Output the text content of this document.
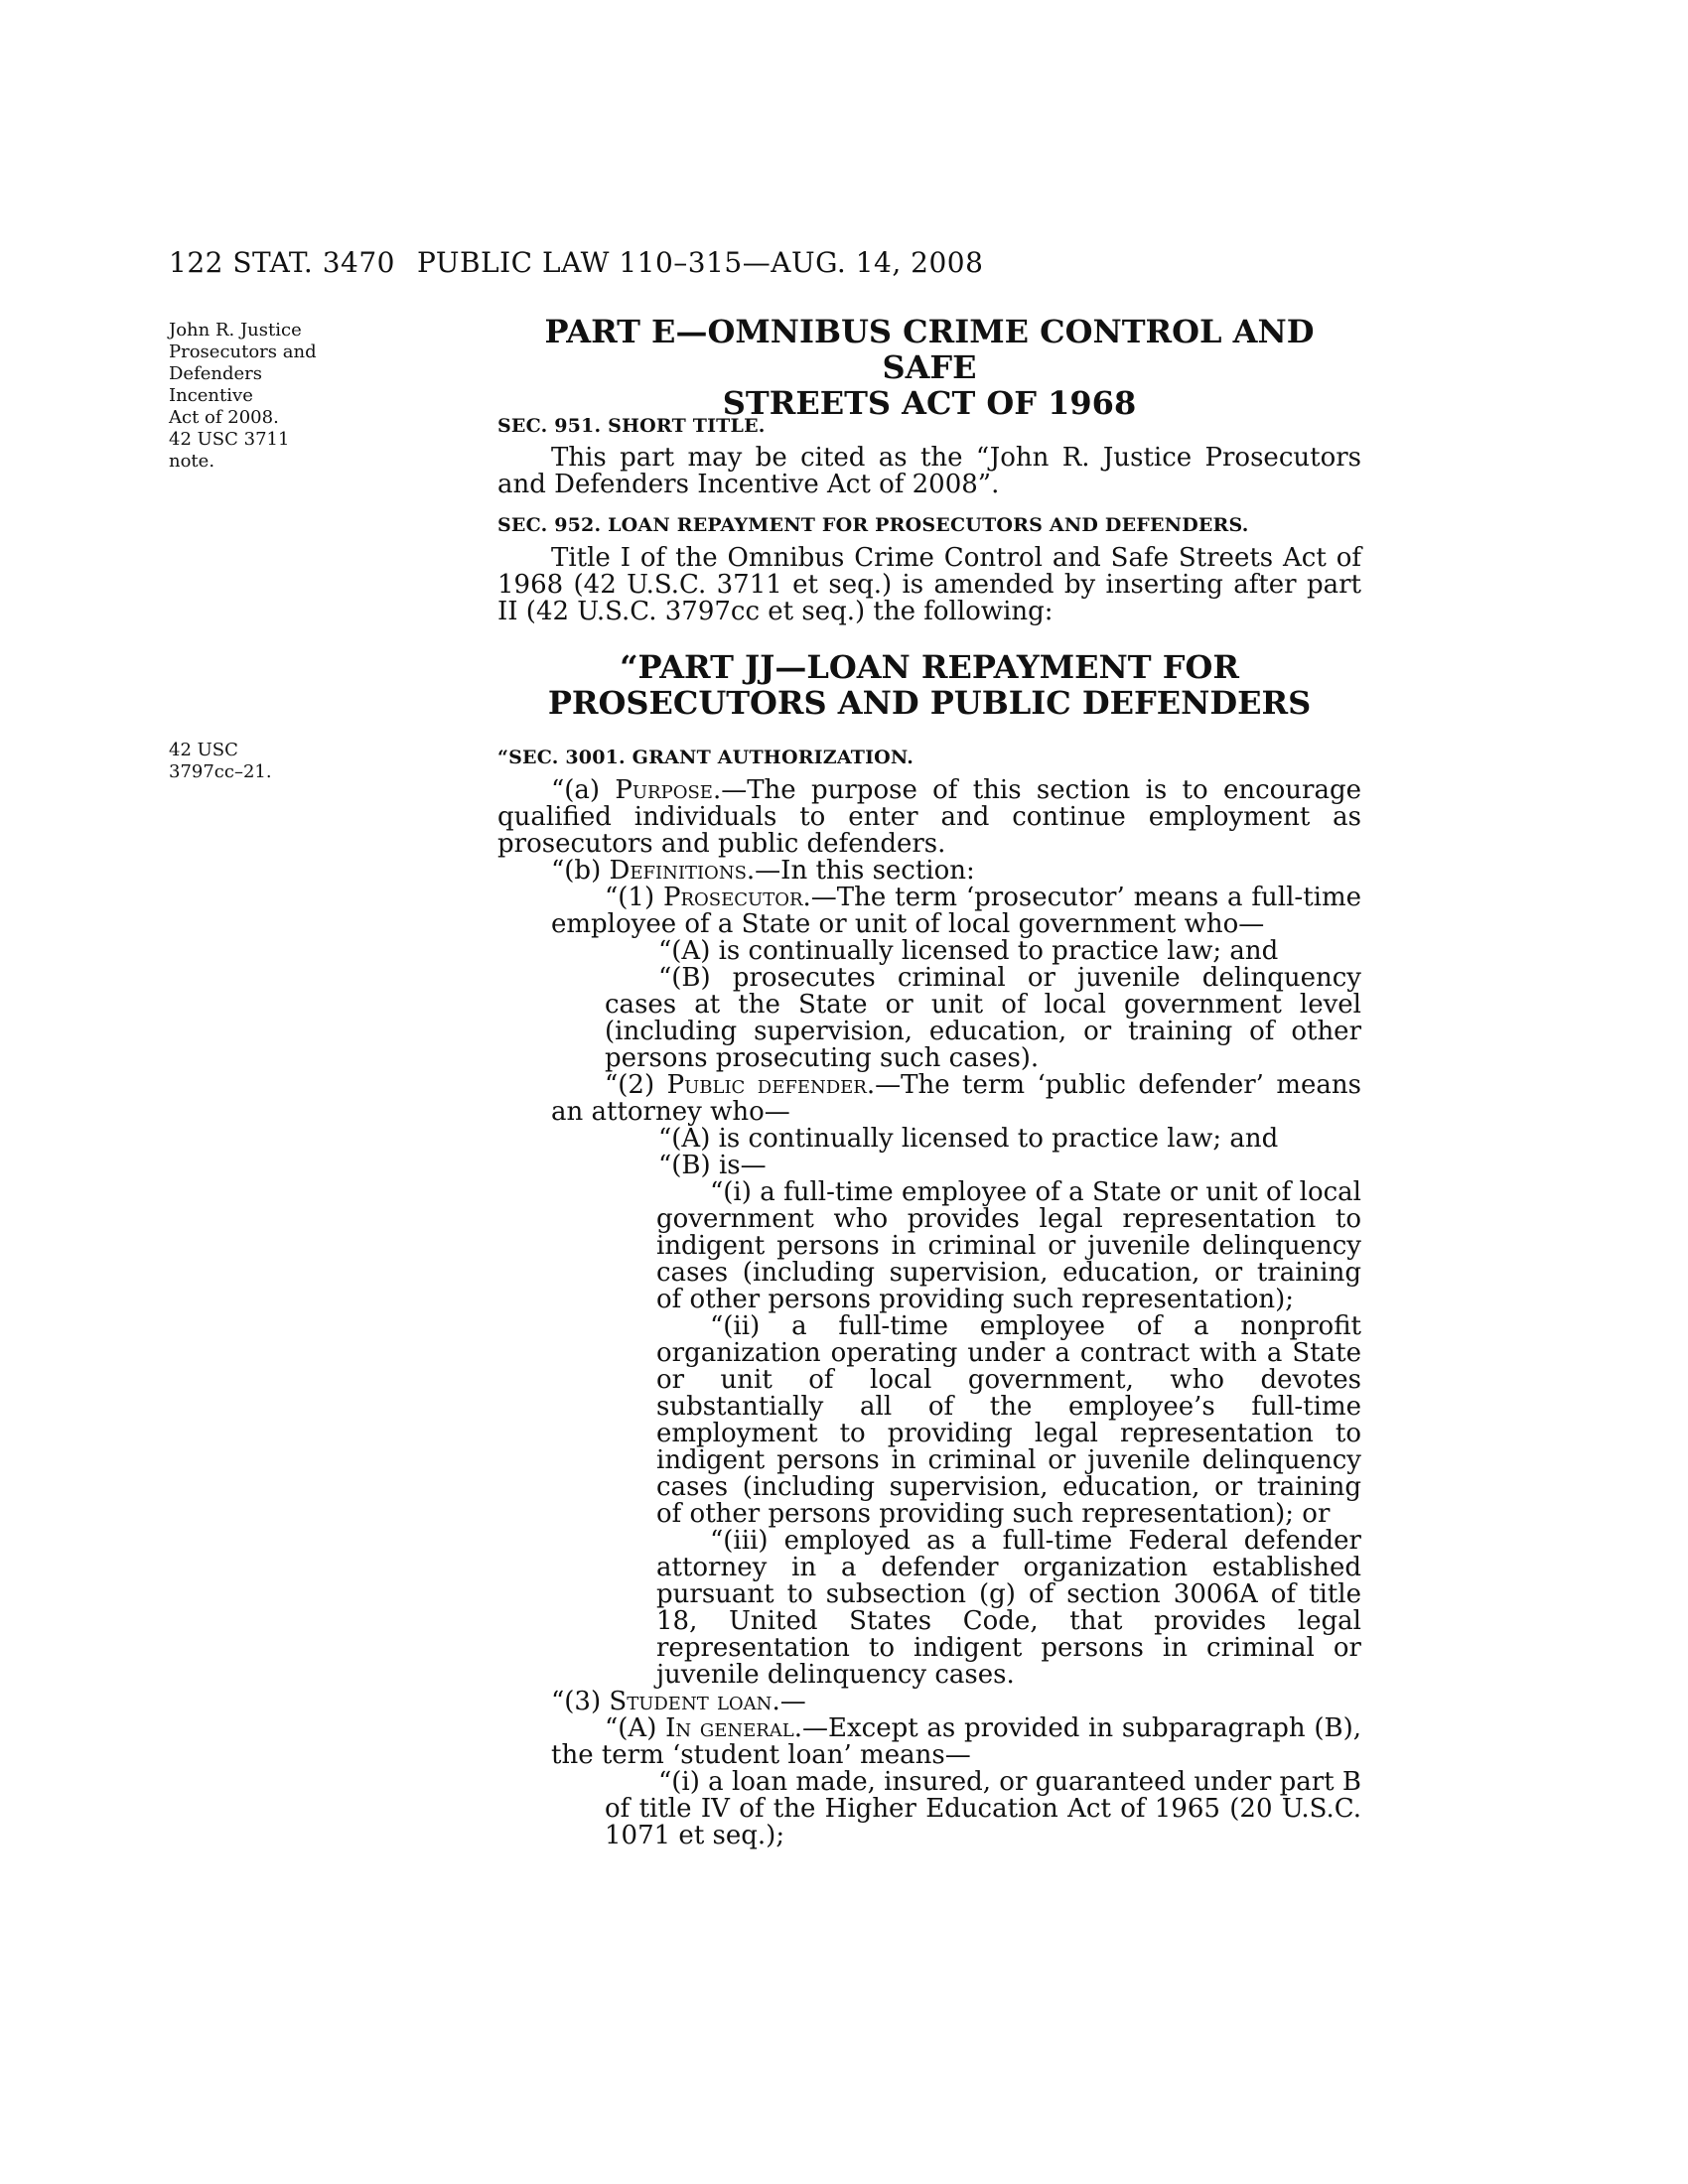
122 STAT. 3470 PUBLIC LAW 110–315—AUG. 14, 2008
John R. Justice
Prosecutors and
Defenders
Incentive
Act of 2008.
42 USC 3711
note.
42 USC
3797cc–21.
PART E—OMNIBUS CRIME CONTROL AND SAFE
STREETS ACT OF 1968
SEC. 951. SHORT TITLE.

This part may be cited as the “John R. Justice Prosecutors and Defenders Incentive Act of 2008”.

SEC. 952. LOAN REPAYMENT FOR PROSECUTORS AND DEFENDERS.

Title I of the Omnibus Crime Control and Safe Streets Act of 1968 (42 U.S.C. 3711 et seq.) is amended by inserting after part II (42 U.S.C. 3797cc et seq.) the following:

“PART JJ—LOAN REPAYMENT FOR
PROSECUTORS AND PUBLIC DEFENDERS
“SEC. 3001. GRANT AUTHORIZATION.

“(a) Purpose.—The purpose of this section is to encourage qualified individuals to enter and continue employment as prosecutors and public defenders.

“(b) Definitions.—In this section:

“(1) Prosecutor.—The term ‘prosecutor’ means a full-time employee of a State or unit of local government who—

“(A) is continually licensed to practice law; and

“(B) prosecutes criminal or juvenile delinquency cases at the State or unit of local government level (including supervision, education, or training of other persons prosecuting such cases).

“(2) Public defender.—The term ‘public defender’ means an attorney who—

“(A) is continually licensed to practice law; and

“(B) is—

“(i) a full-time employee of a State or unit of local government who provides legal representation to indigent persons in criminal or juvenile delinquency cases (including supervision, education, or training of other persons providing such representation);

“(ii) a full-time employee of a nonprofit organization operating under a contract with a State or unit of local government, who devotes substantially all of the employee’s full-time employment to providing legal representation to indigent persons in criminal or juvenile delinquency cases (including supervision, education, or training of other persons providing such representation); or

“(iii) employed as a full-time Federal defender attorney in a defender organization established pursuant to subsection (g) of section 3006A of title 18, United States Code, that provides legal representation to indigent persons in criminal or juvenile delinquency cases.

“(3) Student loan.—

“(A) In general.—Except as provided in subparagraph (B), the term ‘student loan’ means—

“(i) a loan made, insured, or guaranteed under part B of title IV of the Higher Education Act of 1965 (20 U.S.C. 1071 et seq.);
